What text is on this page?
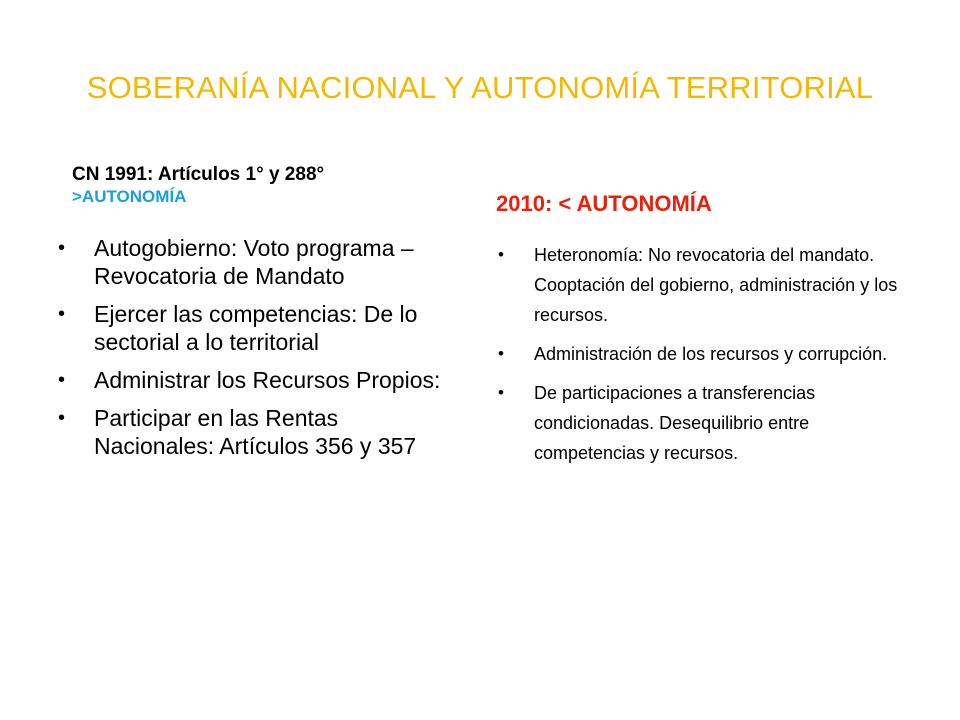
SOBERANÍA NACIONAL Y AUTONOMÍA TERRITORIAL
CN 1991: Artículos 1° y 288°
>AUTONOMÍA	2010: < AUTONOMÍA
• Autogobierno: Voto programa – Revocatoria de Mandato
• Ejercer las competencias: De lo sectorial a lo territorial
• Administrar los Recursos Propios:
• Participar en las Rentas Nacionales: Artículos 356 y 357
• Heteronomía: No revocatoria del mandato. Cooptación del gobierno, administración y los recursos.
• Administración de los recursos y corrupción.
• De participaciones a transferencias condicionadas. Desequilibrio entre competencias y recursos.
